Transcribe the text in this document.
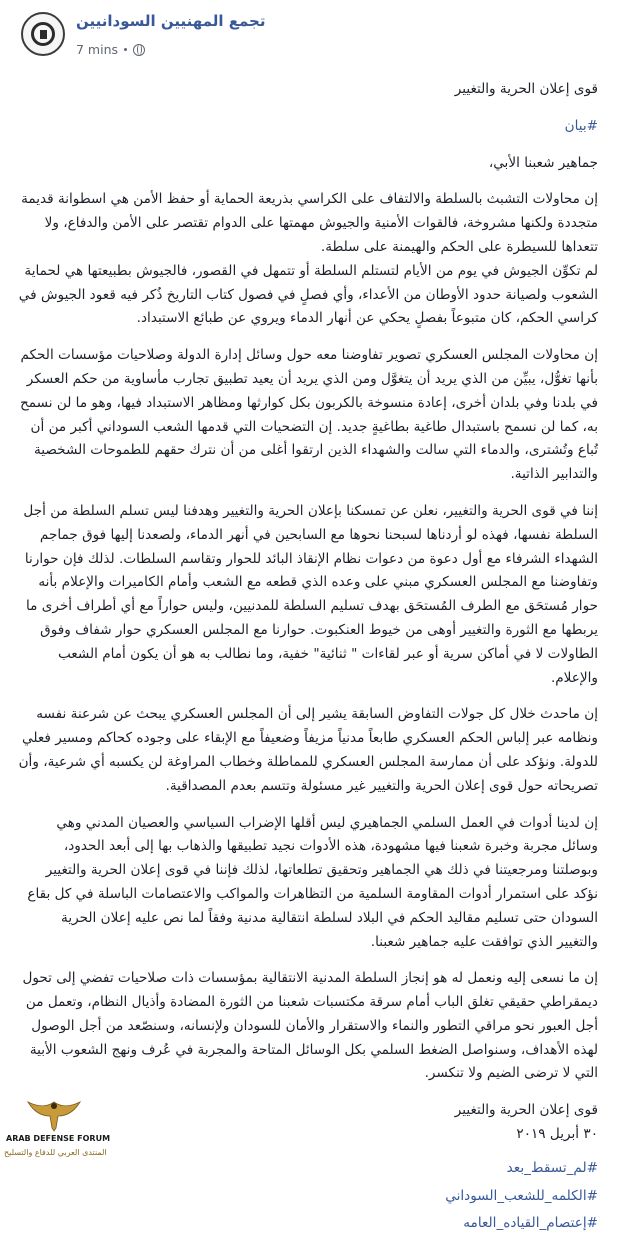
تجمع المهنيين السودانيين
7 mins

قوى إعلان الحرية والتغيير

#بيان

جماهير شعبنا الأبي،

إن محاولات التشبث بالسلطة والالتفاف على الكراسي بذريعة الحماية أو حفظ الأمن هي اسطوانة قديمة متجددة ولكنها مشروخة، فالقوات الأمنية والجيوش مهمتها على الدوام تقتصر على الأمن والدفاع، ولا تتعداها للسيطرة على الحكم والهيمنة على سلطة.

لم تكوِّن الجيوش في يوم من الأيام لتستلم السلطة أو تتمهل في القصور، فالجيوش بطبيعتها هي لحماية الشعوب ولصيانة حدود الأوطان من الأعداء، وأي فصلٍ في فصول كتاب التاريخ ذُكر فيه قعود الجيوش في كراسي الحكم، كان متبوعاً بفصلٍ يحكي عن أنهار الدماء ويروي عن طبائع الاستبداد.

إن محاولات المجلس العسكري تصوير تفاوضنا معه حول وسائل إدارة الدولة وصلاحيات مؤسسات الحكم بأنها تغوُّل، يبيِّن من الذي يريد أن يتغوَّل ومن الذي يريد أن يعيد تطبيق تجارب مأساوية من حكم العسكر في بلدنا وفي بلدان أخرى، إعادة منسوخة بالكربون بكل كوارثها ومظاهر الاستبداد فيها، وهو ما لن نسمح به، كما لن نسمح باستبدال طاغية بطاغيةٍ جديد. إن التضحيات التي قدمها الشعب السوداني أكبر من أن تُباع وتُشترى، والدماء التي سالت والشهداء الذين ارتقوا أغلى من أن نترك حقهم للطموحات الشخصية والتدابير الذاتية.

إننا في قوى الحرية والتغيير، نعلن عن تمسكنا بإعلان الحرية والتغيير وهدفنا ليس تسلم السلطة من أجل السلطة نفسها، فهذه لو أردناها لسبحنا نحوها مع السابحين في أنهر الدماء، ولصعدنا إليها فوق جماجم الشهداء الشرفاء مع أول دعوة من دعوات نظام الإنقاذ البائد للحوار وتقاسم السلطات. لذلك فإن حوارنا وتفاوضنا مع المجلس العسكري مبني على وعده الذي قطعه مع الشعب وأمام الكاميرات والإعلام بأنه حوار مُستحَق مع الطرف المُستحَق بهدف تسليم السلطة للمدنيين، وليس حواراً مع أي أطراف أخرى ما يربطها مع الثورة والتغيير أوهى من خيوط العنكبوت. حوارنا مع المجلس العسكري حوار شفاف وفوق الطاولات لا في أماكن سرية أو عبر لقاءات " ثنائية" خفية، وما نطالب به هو أن يكون أمام الشعب والإعلام.

إن ماحدث خلال كل جولات التفاوض السابقة يشير إلى أن المجلس العسكري يبحث عن شرعنة نفسه ونظامه عبر إلباس الحكم العسكري طابعاً مدنياً مزيفاً وضعيفاً مع الإبقاء على وجوده كحاكم ومسير فعلي للدولة. ونؤكد على أن ممارسة المجلس العسكري للمماطلة وخطاب المراوغة لن يكسبه أي شرعية، وأن تصريحاته حول قوى إعلان الحرية والتغيير غير مسئولة وتتسم بعدم المصداقية.

إن لدينا أدوات في العمل السلمي الجماهيري ليس أقلها الإضراب السياسي والعصيان المدني وهي وسائل مجربة وخبرة شعبنا فيها مشهودة، هذه الأدوات نجيد تطبيقها والذهاب بها إلى أبعد الحدود، وبوصلتنا ومرجعيتنا في ذلك هي الجماهير وتحقيق تطلعاتها، لذلك فإننا في قوى إعلان الحرية والتغيير نؤكد على استمرار أدوات المقاومة السلمية من التظاهرات والمواكب والاعتصامات الباسلة في كل بقاع السودان حتى تسليم مقاليد الحكم في البلاد لسلطة انتقالية مدنية وفقاً لما نص عليه إعلان الحرية والتغيير الذي توافقت عليه جماهير شعبنا.

إن ما نسعى إليه ونعمل له هو إنجاز السلطة المدنية الانتقالية بمؤسسات ذات صلاحيات تفضي إلى تحول ديمقراطي حقيقي تغلق الباب أمام سرقة مكتسبات شعبنا من الثورة المضادة وأذيال النظام، وتعمل من أجل العبور نحو مراقي التطور والنماء والاستقرار والأمان للسودان ولإنسانه، وسنصّعد من أجل الوصول لهذه الأهداف، وسنواصل الضغط السلمي بكل الوسائل المتاحة والمجربة في عُرف ونهج الشعوب الأبية التي لا ترضى الضيم ولا تنكسر.

قوى إعلان الحرية والتغيير

٣٠ أبريل ٢٠١٩

#لم_تسقط_بعد

#الكلمه_للشعب_السوداني

#إعتصام_القياده_العامه

ARAB DEFENSE FORUM
المنتدى العربي للدفاع والتسليح
